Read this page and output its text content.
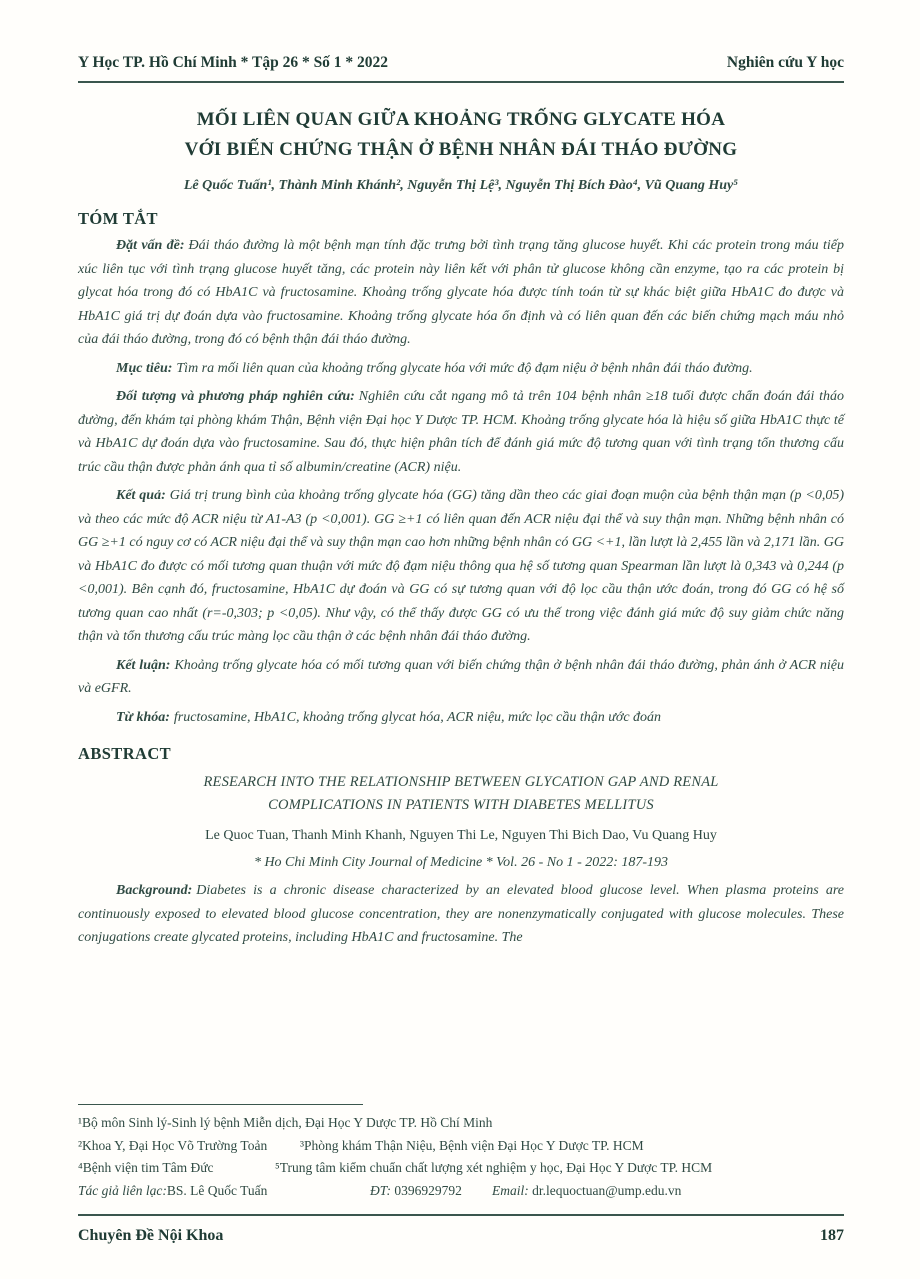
Y Học TP. Hồ Chí Minh * Tập 26 * Số 1 * 2022	Nghiên cứu Y học
MỐI LIÊN QUAN GIỮA KHOẢNG TRỐNG GLYCATE HÓA
VỚI BIẾN CHỨNG THẬN Ở BỆNH NHÂN ĐÁI THÁO ĐƯỜNG
Lê Quốc Tuấn¹, Thành Minh Khánh², Nguyễn Thị Lệ³, Nguyễn Thị Bích Đào⁴, Vũ Quang Huy⁵
TÓM TẮT

Đặt vấn đề: Đái tháo đường là một bệnh mạn tính đặc trưng bởi tình trạng tăng glucose huyết. Khi các protein trong máu tiếp xúc liên tục với tình trạng glucose huyết tăng, các protein này liên kết với phân tử glucose không cần enzyme, tạo ra các protein bị glycat hóa trong đó có HbA1C và fructosamine. Khoảng trống glycate hóa được tính toán từ sự khác biệt giữa HbA1C đo được và HbA1C giá trị dự đoán dựa vào fructosamine. Khoảng trống glycate hóa ổn định và có liên quan đến các biến chứng mạch máu nhỏ của đái tháo đường, trong đó có bệnh thận đái tháo đường.

Mục tiêu: Tìm ra mối liên quan của khoảng trống glycate hóa với mức độ đạm niệu ở bệnh nhân đái tháo đường.

Đối tượng và phương pháp nghiên cứu: Nghiên cứu cắt ngang mô tả trên 104 bệnh nhân ≥18 tuổi được chẩn đoán đái tháo đường, đến khám tại phòng khám Thận, Bệnh viện Đại học Y Dược TP. HCM. Khoảng trống glycate hóa là hiệu số giữa HbA1C thực tế và HbA1C dự đoán dựa vào fructosamine. Sau đó, thực hiện phân tích để đánh giá mức độ tương quan với tình trạng tổn thương cấu trúc cầu thận được phản ánh qua tỉ số albumin/creatine (ACR) niệu.

Kết quả: Giá trị trung bình của khoảng trống glycate hóa (GG) tăng dần theo các giai đoạn muộn của bệnh thận mạn (p <0,05) và theo các mức độ ACR niệu từ A1-A3 (p <0,001). GG ≥+1 có liên quan đến ACR niệu đại thể và suy thận mạn. Những bệnh nhân có GG ≥+1 có nguy cơ có ACR niệu đại thể và suy thận mạn cao hơn những bệnh nhân có GG <+1, lần lượt là 2,455 lần và 2,171 lần. GG và HbA1C đo được có mối tương quan thuận với mức độ đạm niệu thông qua hệ số tương quan Spearman lần lượt là 0,343 và 0,244 (p <0,001). Bên cạnh đó, fructosamine, HbA1C dự đoán và GG có sự tương quan với độ lọc cầu thận ước đoán, trong đó GG có hệ số tương quan cao nhất (r=-0,303; p <0,05). Như vậy, có thể thấy được GG có ưu thế trong việc đánh giá mức độ suy giảm chức năng thận và tổn thương cấu trúc màng lọc cầu thận ở các bệnh nhân đái tháo đường.

Kết luận: Khoảng trống glycate hóa có mối tương quan với biến chứng thận ở bệnh nhân đái tháo đường, phản ánh ở ACR niệu và eGFR.

Từ khóa: fructosamine, HbA1C, khoảng trống glycat hóa, ACR niệu, mức lọc cầu thận ước đoán

ABSTRACT
RESEARCH INTO THE RELATIONSHIP BETWEEN GLYCATION GAP AND RENAL
COMPLICATIONS IN PATIENTS WITH DIABETES MELLITUS
Le Quoc Tuan, Thanh Minh Khanh, Nguyen Thi Le, Nguyen Thi Bich Dao, Vu Quang Huy
* Ho Chi Minh City Journal of Medicine * Vol. 26 - No 1 - 2022: 187-193

Background: Diabetes is a chronic disease characterized by an elevated blood glucose level. When plasma proteins are continuously exposed to elevated blood glucose concentration, they are nonenzymatically conjugated with glucose molecules. These conjugations create glycated proteins, including HbA1C and fructosamine. The

¹Bộ môn Sinh lý-Sinh lý bệnh Miễn dịch, Đại Học Y Dược TP. Hồ Chí Minh
²Khoa Y, Đại Học Võ Trường Toản ³Phòng khám Thận Niệu, Bệnh viện Đại Học Y Dược TP. HCM
⁴Bệnh viện tim Tâm Đức	⁵Trung tâm kiểm chuẩn chất lượng xét nghiệm y học, Đại Học Y Dược TP. HCM
Tác giả liên lạc:BS. Lê Quốc Tuấn	ĐT: 0396929792 Email: dr.lequoctuan@ump.edu.vn
Chuyên Đề Nội Khoa	187
